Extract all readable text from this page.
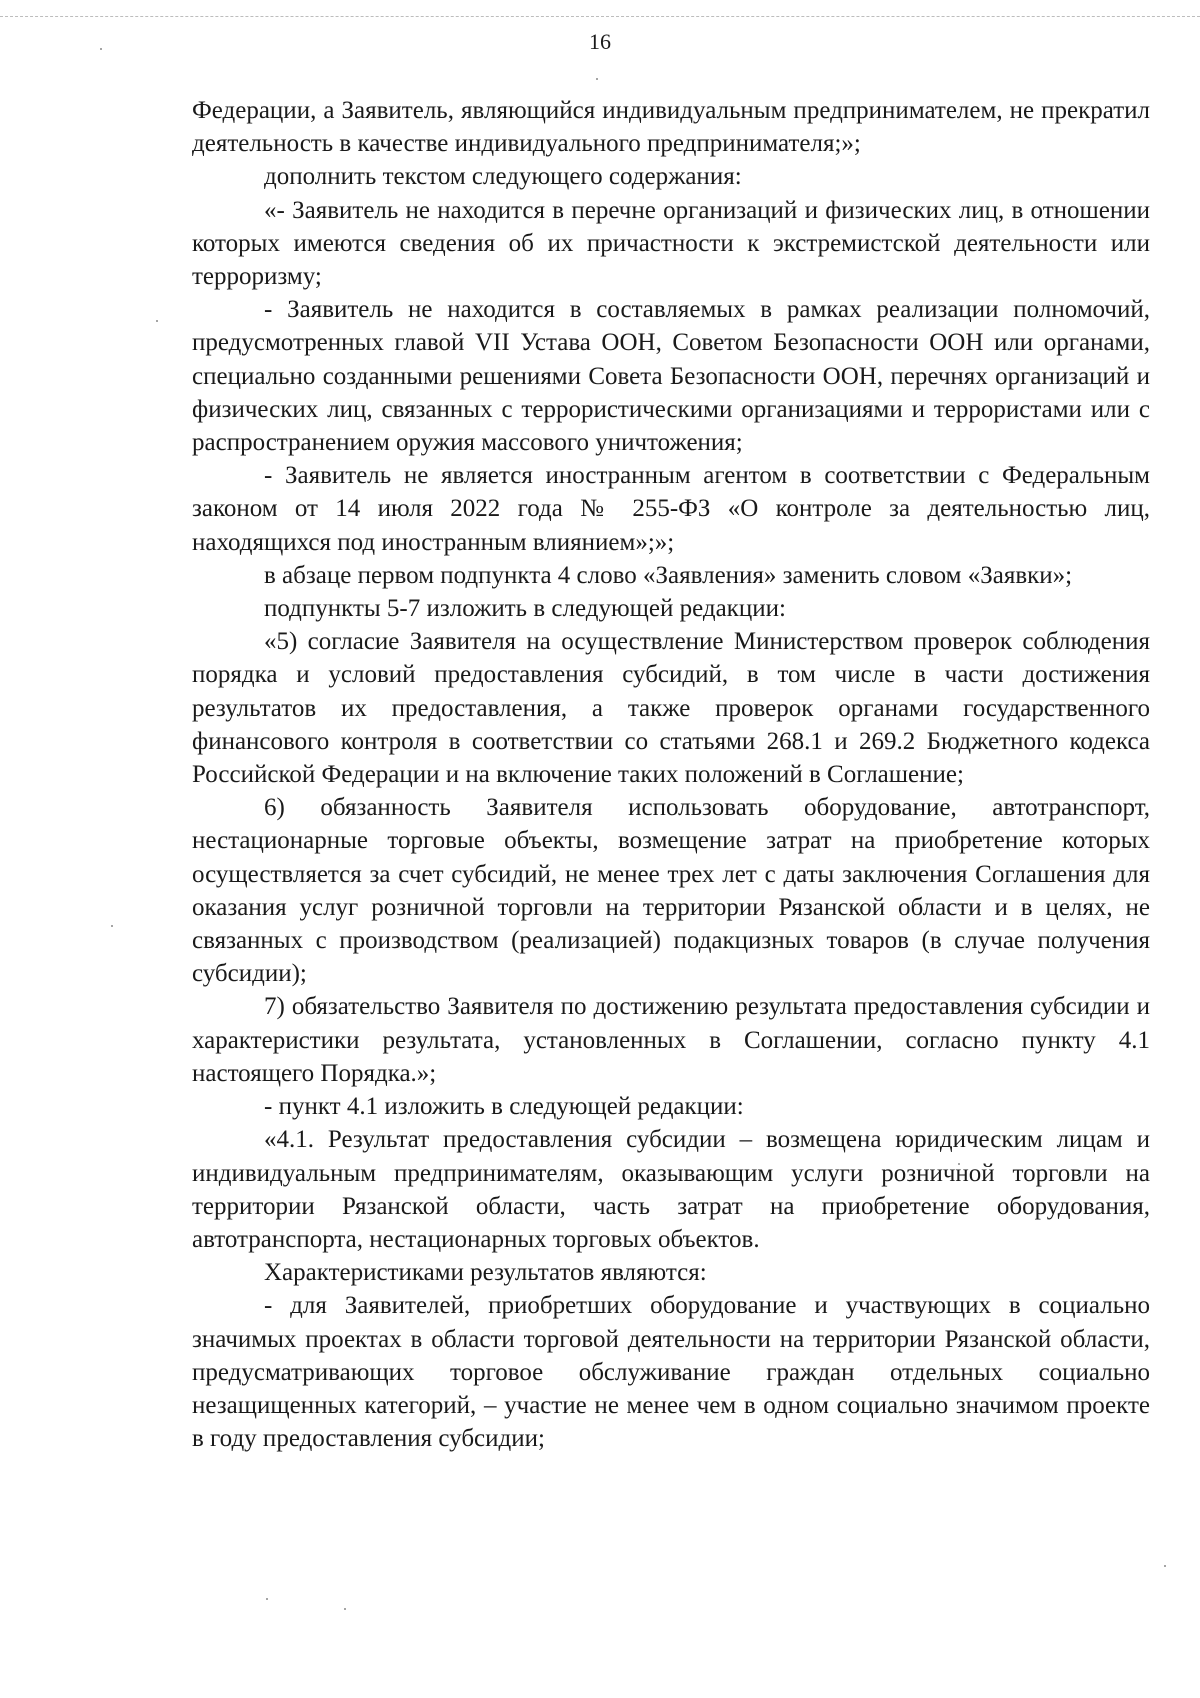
16

Федерации, а Заявитель, являющийся индивидуальным предпринимателем, не прекратил деятельность в качестве индивидуального предпринимателя;»;

дополнить текстом следующего содержания:

«- Заявитель не находится в перечне организаций и физических лиц, в отношении которых имеются сведения об их причастности к экстремистской деятельности или терроризму;

- Заявитель не находится в составляемых в рамках реализации полномочий, предусмотренных главой VII Устава ООН, Советом Безопасности ООН или органами, специально созданными решениями Совета Безопасности ООН, перечнях организаций и физических лиц, связанных с террористическими организациями и террористами или с распространением оружия массового уничтожения;

- Заявитель не является иностранным агентом в соответствии с Федеральным законом от 14 июля 2022 года № 255-ФЗ «О контроле за деятельностью лиц, находящихся под иностранным влиянием»;»;

в абзаце первом подпункта 4 слово «Заявления» заменить словом «Заявки»;

подпункты 5-7 изложить в следующей редакции:

«5) согласие Заявителя на осуществление Министерством проверок соблюдения порядка и условий предоставления субсидий, в том числе в части достижения результатов их предоставления, а также проверок органами государственного финансового контроля в соответствии со статьями 268.1 и 269.2 Бюджетного кодекса Российской Федерации и на включение таких положений в Соглашение;

6) обязанность Заявителя использовать оборудование, автотранспорт, нестационарные торговые объекты, возмещение затрат на приобретение которых осуществляется за счет субсидий, не менее трех лет с даты заключения Соглашения для оказания услуг розничной торговли на территории Рязанской области и в целях, не связанных с производством (реализацией) подакцизных товаров (в случае получения субсидии);

7) обязательство Заявителя по достижению результата предоставления субсидии и характеристики результата, установленных в Соглашении, согласно пункту 4.1 настоящего Порядка.»;

- пункт 4.1 изложить в следующей редакции:

«4.1. Результат предоставления субсидии – возмещена юридическим лицам и индивидуальным предпринимателям, оказывающим услуги розничной торговли на территории Рязанской области, часть затрат на приобретение оборудования, автотранспорта, нестационарных торговых объектов.

Характеристиками результатов являются:

- для Заявителей, приобретших оборудование и участвующих в социально значимых проектах в области торговой деятельности на территории Рязанской области, предусматривающих торговое обслуживание граждан отдельных социально незащищенных категорий, – участие не менее чем в одном социально значимом проекте в году предоставления субсидии;
